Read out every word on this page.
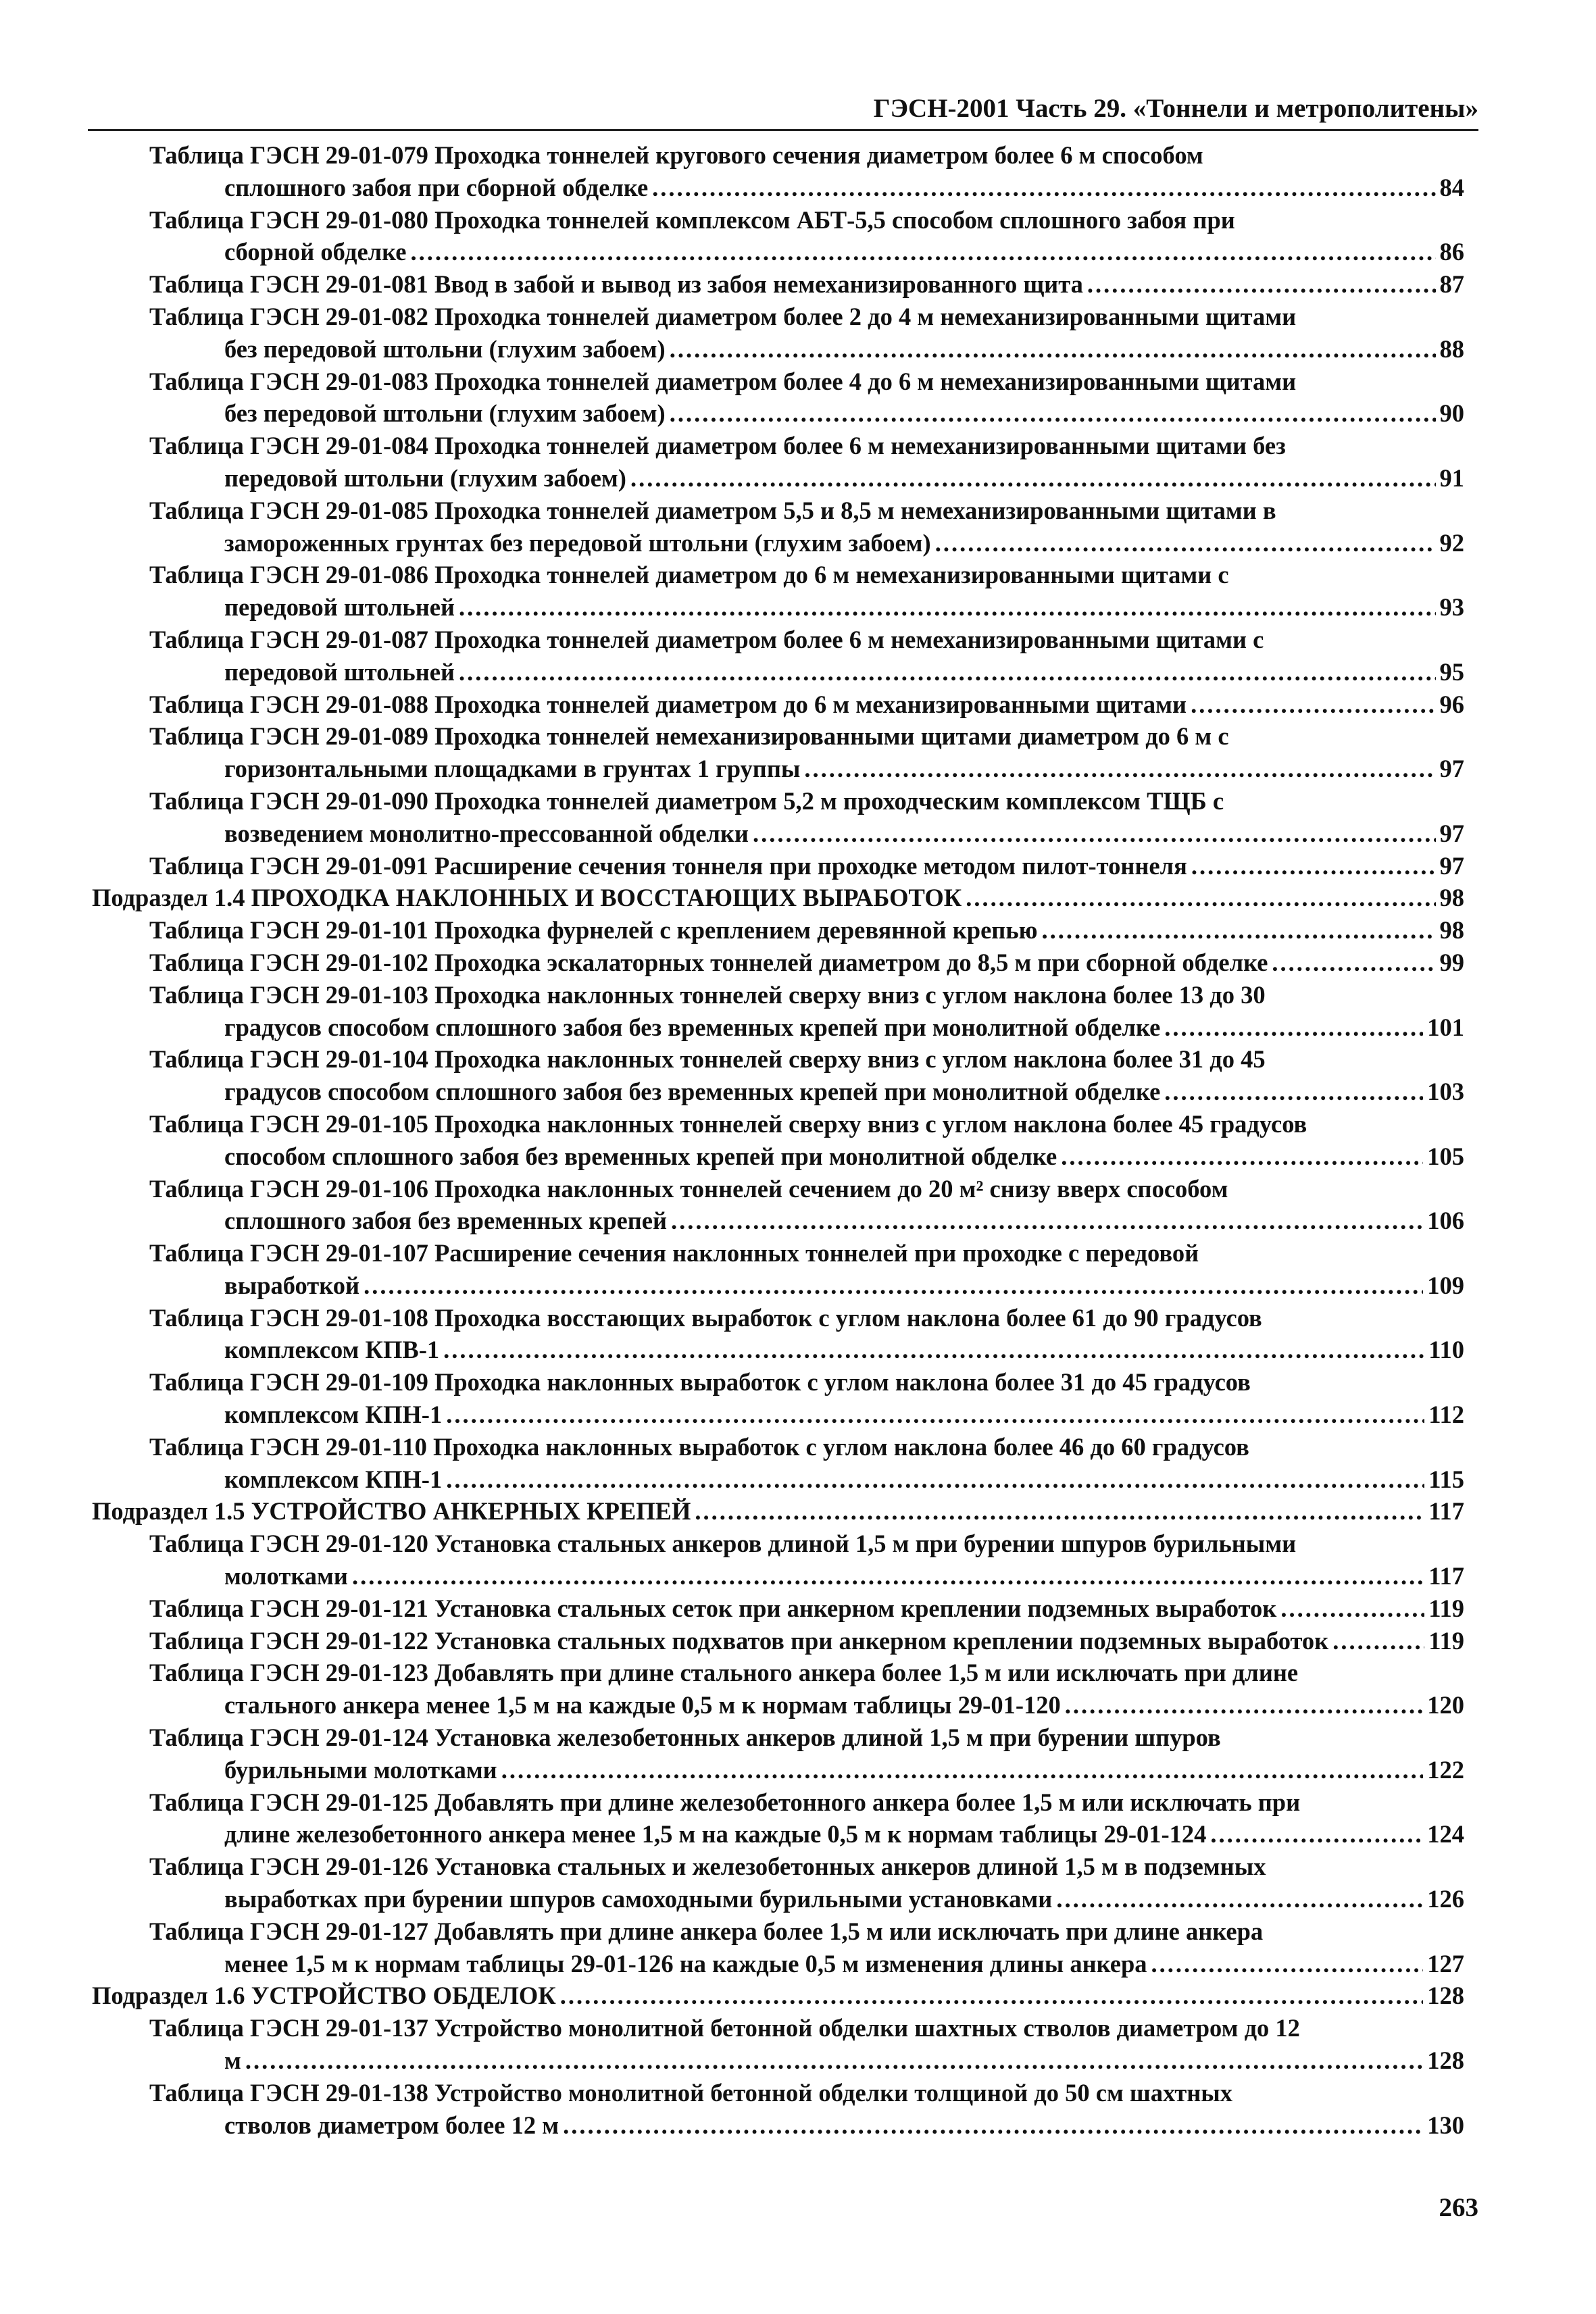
ГЭСН-2001 Часть 29. «Тоннели и метрополитены»
Таблица ГЭСН 29-01-079 Проходка тоннелей кругового сечения диаметром более 6 м способом
сплошного забоя при сборной обделке .....	84
Таблица ГЭСН 29-01-080 Проходка тоннелей комплексом АБТ-5,5 способом сплошного забоя при
сборной обделке .....	86
Таблица ГЭСН 29-01-081 Ввод в забой и вывод из забоя немеханизированного щита .....	87
Таблица ГЭСН 29-01-082 Проходка тоннелей диаметром более 2 до 4 м немеханизированными щитами
без передовой штольни (глухим забоем) .....	88
Таблица ГЭСН 29-01-083 Проходка тоннелей диаметром более 4 до 6 м немеханизированными щитами
без передовой штольни (глухим забоем) .....	90
Таблица ГЭСН 29-01-084 Проходка тоннелей диаметром более 6 м немеханизированными щитами без
передовой штольни (глухим забоем) .....	91
Таблица ГЭСН 29-01-085 Проходка тоннелей диаметром 5,5 и 8,5 м немеханизированными щитами в
замороженных грунтах без передовой штольни (глухим забоем) .....	92
Таблица ГЭСН 29-01-086 Проходка тоннелей диаметром до 6 м немеханизированными щитами с
передовой штольней .....	93
Таблица ГЭСН 29-01-087 Проходка тоннелей диаметром более 6 м немеханизированными щитами с
передовой штольней .....	95
Таблица ГЭСН 29-01-088 Проходка тоннелей диаметром до 6 м механизированными щитами .....	96
Таблица ГЭСН 29-01-089 Проходка тоннелей немеханизированными щитами диаметром до 6 м с
горизонтальными площадками в грунтах 1 группы .....	97
Таблица ГЭСН 29-01-090 Проходка тоннелей диаметром 5,2 м проходческим комплексом ТЩБ с
возведением монолитно-прессованной обделки .....	97
Таблица ГЭСН 29-01-091 Расширение сечения тоннеля при проходке методом пилот-тоннеля .....	97
Подраздел 1.4 ПРОХОДКА НАКЛОННЫХ И ВОССТАЮЩИХ ВЫРАБОТОК .....	98
Таблица ГЭСН 29-01-101 Проходка фурнелей с креплением деревянной крепью .....	98
Таблица ГЭСН 29-01-102 Проходка эскалаторных тоннелей диаметром до 8,5 м при сборной обделке .....	99
Таблица ГЭСН 29-01-103 Проходка наклонных тоннелей сверху вниз с углом наклона более 13 до 30
градусов способом сплошного забоя без временных крепей при монолитной обделке .....	101
Таблица ГЭСН 29-01-104 Проходка наклонных тоннелей сверху вниз с углом наклона более 31 до 45
градусов способом сплошного забоя без временных крепей при монолитной обделке .....	103
Таблица ГЭСН 29-01-105 Проходка наклонных тоннелей сверху вниз с углом наклона более 45 градусов
способом сплошного забоя без временных крепей при монолитной обделке .....	105
Таблица ГЭСН 29-01-106 Проходка наклонных тоннелей сечением до 20 м² снизу вверх способом
сплошного забоя без временных крепей .....	106
Таблица ГЭСН 29-01-107 Расширение сечения наклонных тоннелей при проходке с передовой
выработкой .....	109
Таблица ГЭСН 29-01-108 Проходка восстающих выработок с углом наклона более 61 до 90 градусов
комплексом КПВ-1 .....	110
Таблица ГЭСН 29-01-109 Проходка наклонных выработок с углом наклона более 31 до 45 градусов
комплексом КПН-1 .....	112
Таблица ГЭСН 29-01-110 Проходка наклонных выработок с углом наклона более 46 до 60 градусов
комплексом КПН-1 .....	115
Подраздел 1.5 УСТРОЙСТВО АНКЕРНЫХ КРЕПЕЙ .....	117
Таблица ГЭСН 29-01-120 Установка стальных анкеров длиной 1,5 м при бурении шпуров бурильными
молотками .....	117
Таблица ГЭСН 29-01-121 Установка стальных сеток при анкерном креплении подземных выработок .....	119
Таблица ГЭСН 29-01-122 Установка стальных подхватов при анкерном креплении подземных выработок .....	119
Таблица ГЭСН 29-01-123 Добавлять при длине стального анкера более 1,5 м или исключать при длине
стального анкера менее 1,5 м на каждые 0,5 м к нормам таблицы 29-01-120 .....	120
Таблица ГЭСН 29-01-124 Установка железобетонных анкеров длиной 1,5 м при бурении шпуров
бурильными молотками .....	122
Таблица ГЭСН 29-01-125 Добавлять при длине железобетонного анкера более 1,5 м или исключать при
длине железобетонного анкера менее 1,5 м на каждые 0,5 м к нормам таблицы 29-01-124 .....	124
Таблица ГЭСН 29-01-126 Установка стальных и железобетонных анкеров длиной 1,5 м в подземных
выработках при бурении шпуров самоходными бурильными установками .....	126
Таблица ГЭСН 29-01-127 Добавлять при длине анкера более 1,5 м или исключать при длине анкера
менее 1,5 м к нормам таблицы 29-01-126 на каждые 0,5 м изменения длины анкера .....	127
Подраздел 1.6 УСТРОЙСТВО ОБДЕЛОК .....	128
Таблица ГЭСН 29-01-137 Устройство монолитной бетонной обделки шахтных стволов диаметром до 12
м .....	128
Таблица ГЭСН 29-01-138 Устройство монолитной бетонной обделки толщиной до 50 см шахтных
стволов диаметром более 12 м .....	130
263
